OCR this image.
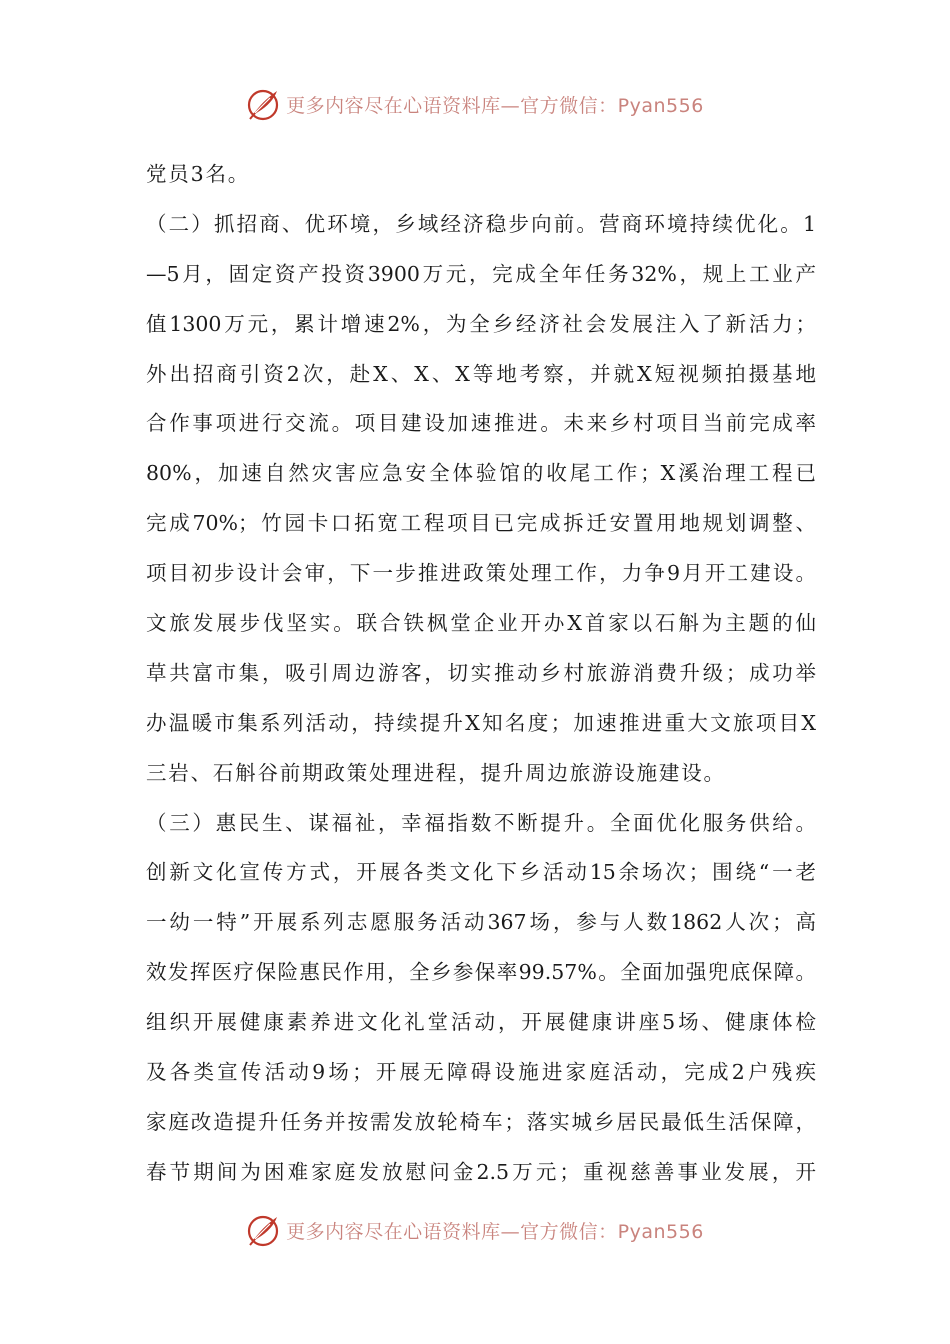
更多内容尽在心语资料库—官方微信：Pyan556
党员3名。
（二）抓招商、优环境，乡域经济稳步向前。营商环境持续优化。1
—5月，固定资产投资3900万元，完成全年任务32%，规上工业产
值1300万元，累计增速2%，为全乡经济社会发展注入了新活力；
外出招商引资2次，赴X、X、X等地考察，并就X短视频拍摄基地
合作事项进行交流。项目建设加速推进。未来乡村项目当前完成率
80%，加速自然灾害应急安全体验馆的收尾工作；X溪治理工程已
完成70%；竹园卡口拓宽工程项目已完成拆迁安置用地规划调整、
项目初步设计会审，下一步推进政策处理工作，力争9月开工建设。
文旅发展步伐坚实。联合铁枫堂企业开办X首家以石斛为主题的仙
草共富市集，吸引周边游客，切实推动乡村旅游消费升级；成功举
办温暖市集系列活动，持续提升X知名度；加速推进重大文旅项目X
三岩、石斛谷前期政策处理进程，提升周边旅游设施建设。
（三）惠民生、谋福祉，幸福指数不断提升。全面优化服务供给。
创新文化宣传方式，开展各类文化下乡活动15余场次；围绕“一老
一幼一特”开展系列志愿服务活动367场，参与人数1862人次；高
效发挥医疗保险惠民作用，全乡参保率99.57%。全面加强兜底保障。
组织开展健康素养进文化礼堂活动，开展健康讲座5场、健康体检
及各类宣传活动9场；开展无障碍设施进家庭活动，完成2户残疾
家庭改造提升任务并按需发放轮椅车；落实城乡居民最低生活保障，
春节期间为困难家庭发放慰问金2.5万元；重视慈善事业发展，开
更多内容尽在心语资料库—官方微信：Pyan556
